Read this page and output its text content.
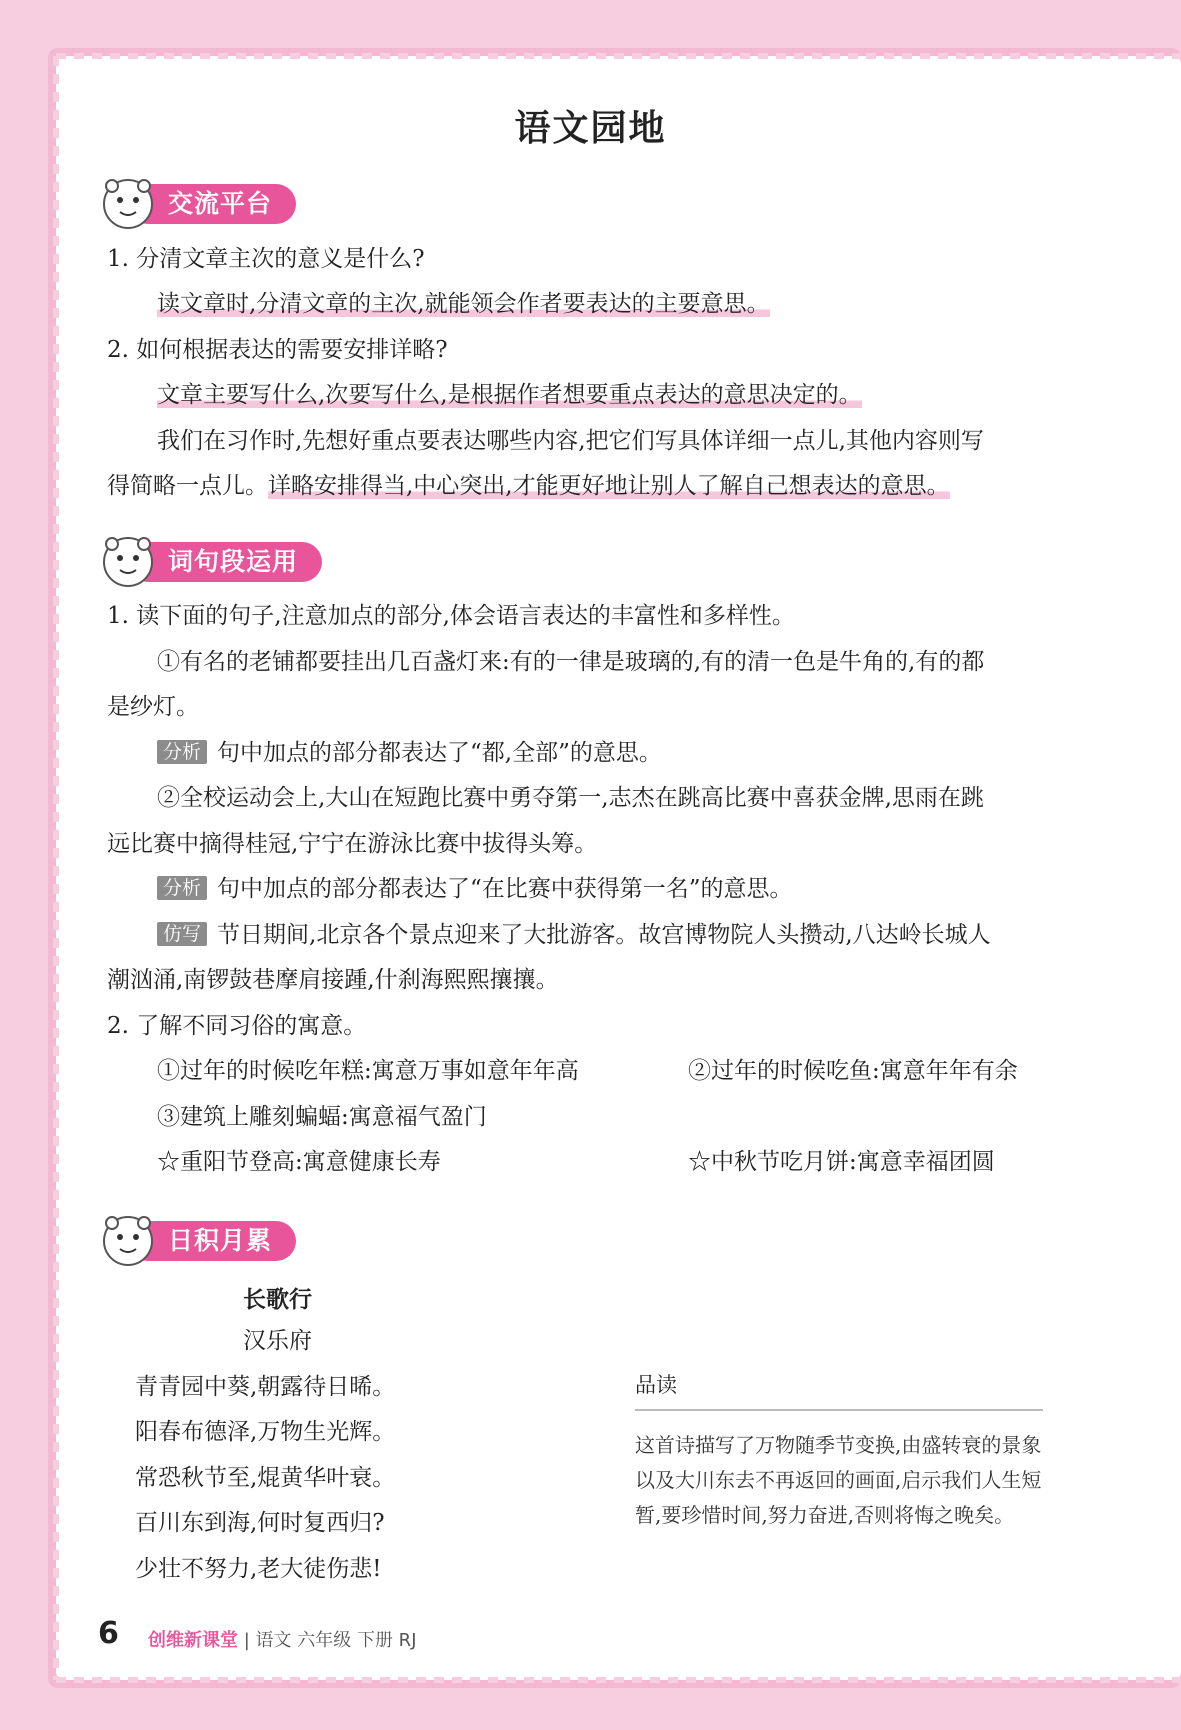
语文园地
交流平台
1. 分清文章主次的意义是什么?
读文章时,分清文章的主次,就能领会作者要表达的主要意思。
2. 如何根据表达的需要安排详略?
文章主要写什么,次要写什么,是根据作者想要重点表达的意思决定的。
我们在习作时,先想好重点要表达哪些内容,把它们写具体详细一点儿,其他内容则写
得简略一点儿。详略安排得当,中心突出,才能更好地让别人了解自己想表达的意思。
词句段运用
1. 读下面的句子,注意加点的部分,体会语言表达的丰富性和多样性。
①有名的老铺都要挂出几百盏灯来:有的一律是玻璃的,有的清一色是牛角的,有的都
是纱灯。
分析 句中加点的部分都表达了“都,全部”的意思。
②全校运动会上,大山在短跑比赛中勇夺第一,志杰在跳高比赛中喜获金牌,思雨在跳
远比赛中摘得桂冠,宁宁在游泳比赛中拔得头筹。
分析 句中加点的部分都表达了“在比赛中获得第一名”的意思。
仿写 节日期间,北京各个景点迎来了大批游客。故宫博物院人头攒动,八达岭长城人
潮汹涌,南锣鼓巷摩肩接踵,什刹海熙熙攘攘。
2. 了解不同习俗的寓意。
①过年的时候吃年糕:寓意万事如意年年高	②过年的时候吃鱼:寓意年年有余
③建筑上雕刻蝙蝠:寓意福气盈门
☆重阳节登高:寓意健康长寿	☆中秋节吃月饼:寓意幸福团圆
日积月累
长歌行
汉乐府
青青园中葵,朝露待日晞。
阳春布德泽,万物生光辉。
常恐秋节至,焜黄华叶衰。
百川东到海,何时复西归?
少壮不努力,老大徒伤悲!
品读
这首诗描写了万物随季节变换,由盛转衰的景象以及大川东去不再返回的画面,启示我们人生短暂,要珍惜时间,努力奋进,否则将悔之晚矣。
6 创维新课堂 | 语文 六年级 下册 RJ
